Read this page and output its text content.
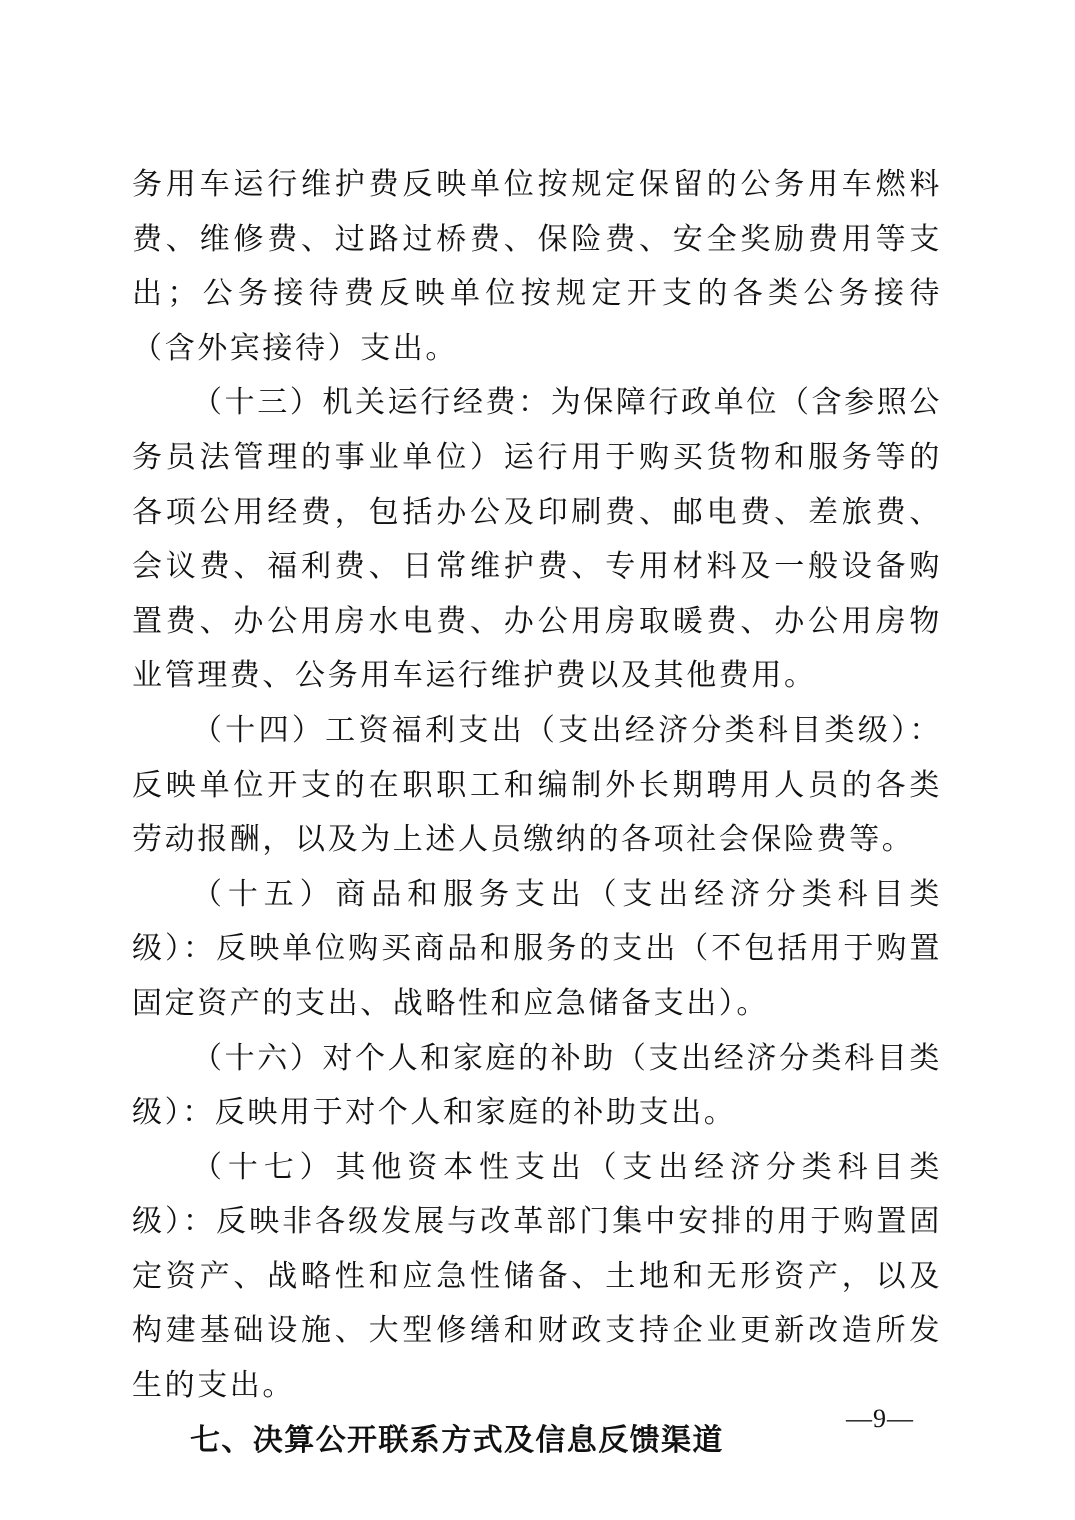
务用车运行维护费反映单位按规定保留的公务用车燃料费、维修费、过路过桥费、保险费、安全奖励费用等支出；公务接待费反映单位按规定开支的各类公务接待（含外宾接待）支出。

（十三）机关运行经费：为保障行政单位（含参照公务员法管理的事业单位）运行用于购买货物和服务等的各项公用经费，包括办公及印刷费、邮电费、差旅费、会议费、福利费、日常维护费、专用材料及一般设备购置费、办公用房水电费、办公用房取暖费、办公用房物业管理费、公务用车运行维护费以及其他费用。

（十四）工资福利支出（支出经济分类科目类级）：反映单位开支的在职职工和编制外长期聘用人员的各类劳动报酬，以及为上述人员缴纳的各项社会保险费等。

（十五）商品和服务支出（支出经济分类科目类级）：反映单位购买商品和服务的支出（不包括用于购置固定资产的支出、战略性和应急储备支出）。

（十六）对个人和家庭的补助（支出经济分类科目类级）：反映用于对个人和家庭的补助支出。

（十七）其他资本性支出（支出经济分类科目类级）：反映非各级发展与改革部门集中安排的用于购置固定资产、战略性和应急性储备、土地和无形资产，以及构建基础设施、大型修缮和财政支持企业更新改造所发生的支出。

七、决算公开联系方式及信息反馈渠道

—9—
